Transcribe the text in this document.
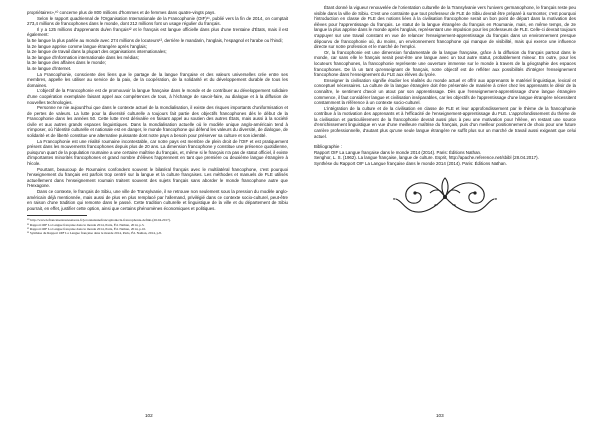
propriétaires»,¹⁰ concerne plus de 800 millions d'hommes et de femmes dans quatre-vingts pays.

Selon le rapport quadriennal de l'Organisation Internationale de la Francophonie (OIF)¹¹, publié vers la fin de 2014, on comptait 273,4 millions de francophones dans le monde, dont 212 millions font un usage régulier du français.

Il y a 125 millions d'apprenants du/en français¹² et le français est langue officielle dans plus d'une trentaine d'États, mais il est également:

la 5e langue la plus parlée au monde avec 274 millions de locuteurs¹³, derrière le mandarin, l'anglais, l'espagnol et l'arabe ou l'hindi;
la 2e langue apprise comme langue étrangère après l'anglais;
la 2e langue de travail dans la plupart des organisations internationales;
la 3e langue d'information internationale dans les médias;
la 3e langue des affaires dans le monde;
la 4e langue d'internet.

La Francophonie, consciente des liens que le partage de la langue française et des valeurs universelles crée entre ses membres, appelle les utiliser au service de la paix, de la coopération, de la solidarité et du développement durable de tous les domaines.

L'objectif de la Francophonie est de promouvoir la langue française dans le monde et de contribuer au développement solidaire d'une coopération exemplaire faisant appel aux compétences de tous, à l'échange de savoir-faire, au dialogue et à la diffusion de nouvelles technologies.

Personne ne nie aujourd'hui que dans le contexte actuel de la mondialisation, il existe des risques importants d'uniformisation et de pertes de valeurs. La lutte pour la diversité culturelle a toujours fait partie des objectifs francophones dès le début de la Francophonie dans les années 50. Cette lutte s'est dérivalée en faisant appel au soutien des autres États, mais aussi à la société civile et aux autres grands espaces linguistiques. Dans la mondialisation actuelle où le modèle unique anglo-américain tend à s'imposer, où l'identité culturelle et nationale est en danger, le monde francophone qui défend les valeurs du diversité, de dialogue, de solidarité et de liberté constitue une alternative puissante dont notre pays a besoin pour préserver sa culture et son identité.

La Francophonie est une réalité roumaine incontestable, car notre pays est membre de plein droit de l'OIF et est pratiquement présent dans les mouvements francophones depuis plus de 20 ans. La dimension francophone y constitue une présence quotidienne, puisqu'un quart de la population roumaine a une certaine maîtrise du français, et, même si le français n'a pas de statut officiel, il existe d'importantes minorités francophones et grand nombre d'élèves l'apprennent en tant que première ou deuxième langue étrangère à l'école.

Pourtant, beaucoup de Roumains confondent souvent le bilatéral français avec le multilatéral francophone, c'est pourquoi l'enseignement du français est parfois trop centré sur la langue et la culture françaises. Les méthodes et manuels de FLE utilisés actuellement dans l'enseignement roumain traitent souvent des sujets français sans aborder le monde francophone autre que l'Hexagone.

Dans ce contexte, le français de Sibiu, une ville de Transylvanie, il se retrouve non seulement sous la pression du modèle anglo-américain déjà mentionnée, mais aussi de plus en plus remplacé par l'allemand, privilégié dans ce contexte socio-culturel, peut-être en raison d'une tradition qui remonte dans le passé. Cette tradition culturelle et linguistique de la ville et du département de Sibiu pourrait, en effet, justifier cette option, ainsi que certains phénomènes économiques et politiques.

¹⁰ http://www.lefrancaisentoutesaisons.fr/jeconnaisunefrancophonie/la-francophonie-definit-(26.04.2017).
¹¹ Rapport OIF La Langue française dans le monde 2014, Paris, Éd. Nathan, 2014, p.5.
¹² Rapport OIF La Langue française dans le monde 2014, Paris, Éd. Nathan, 2014, p.10.
¹³ Synthèse du Rapport OIF La Langue française dans le monde 2014, Paris, Éd. Nathan, 2014, p.8.
102

Étant donné la vigueur renouvelée de l'orientation culturelle de la Transylvanie vers l'univers germanophone, le français reste peu visible dans la ville de Sibiu. C'est une contrainte que tout professeur de FLE de Sibiu devrait être préparé à surmonter, c'est pourquoi l'introduction en classe de FLE des notions liées à la civilisation francophone serait un bon point de départ dans la motivation des élèves pour l'apprentissage du français. Le statut de la langue étrangère du français en Roumanie, mais, en même temps, de 2e langue la plus apprise dans le monde après l'anglais, représentant une impulsion pour les professeurs de FLE. Celle-ci devrait toujours s'appuyer sur une travail constant en vue de relancer l'enseignement-apprentissage du français dans un environnement presque dépourvu de francophonie où, du moins, un environnement francophone qui manque de visibilité, mais qui exerce une influence directe sur notre profession et le marché de l'emploi.

Or, la francophonie est une dimension fondamentale de la langue française, grâce à la diffusion du français partout dans le monde, car sans elle le français serait peut-être une langue avec un tout autre statut, probablement mineur. En outre, pour les locuteurs francophones, la francophonie représente une ouverture immense sur le monde à travers de la géographie des espaces francophones. De là un tant qu'enseignant de français, notre objectif est de refléter aux possibilités d'intégrer l'enseignement francophone dans l'enseignement du FLE aux élèves du lycée.

Enseigner la civilisation signifie étudier les réalités du monde actuel et offrir aux apprenants le matériel linguistique, lexical et conceptuel nécessaires. La culture de la langue étrangère doit être présentée de manière à créer chez les apprenants le désir de la connaître, le sentiment d'avoir un atout par son apprentissage. Dès que l'enseignement-apprentissage d'une langue étrangère commence, il faut considérer langue et civilisation inséparables, car les objectifs de l'apprentissage d'une langue étrangère nécessitent constamment la référence à un contexte socio-culturel.

L'intégration de la culture et de la civilisation en classe de FLE et leur approfondissement par le thème de la francophonie contribue à la motivation des apprenants et à l'efficacité de l'enseignement-apprentissage du FLE. L'approfondissement du thème de la civilisation et particulièrement de la francophonie devrait aussi plus à peu une motivation pour l'élève, en restant une source d'enrichissement linguistique en vue d'une meilleure maîtrise du français, puis d'un meilleur positionnement de choix pour une future carrière professionnelle, d'autant plus qu'une seule langue étrangère ne suffit plus sur un marché de travail aussi exigeant que celui actuel.

Bibliographie :

Rapport OIF La Langue française dans le monde 2014 (2014). Paris: Éditions Nathan.

Senghor, L. S. (1962). La langue française, langue de culture. Esprit, http://apache.reference.net/sbibl (28.04.2017).

Synthèse du Rapport OIF La Langue française dans le monde 2014 (2014). Paris: Éditions Nathan.

103
